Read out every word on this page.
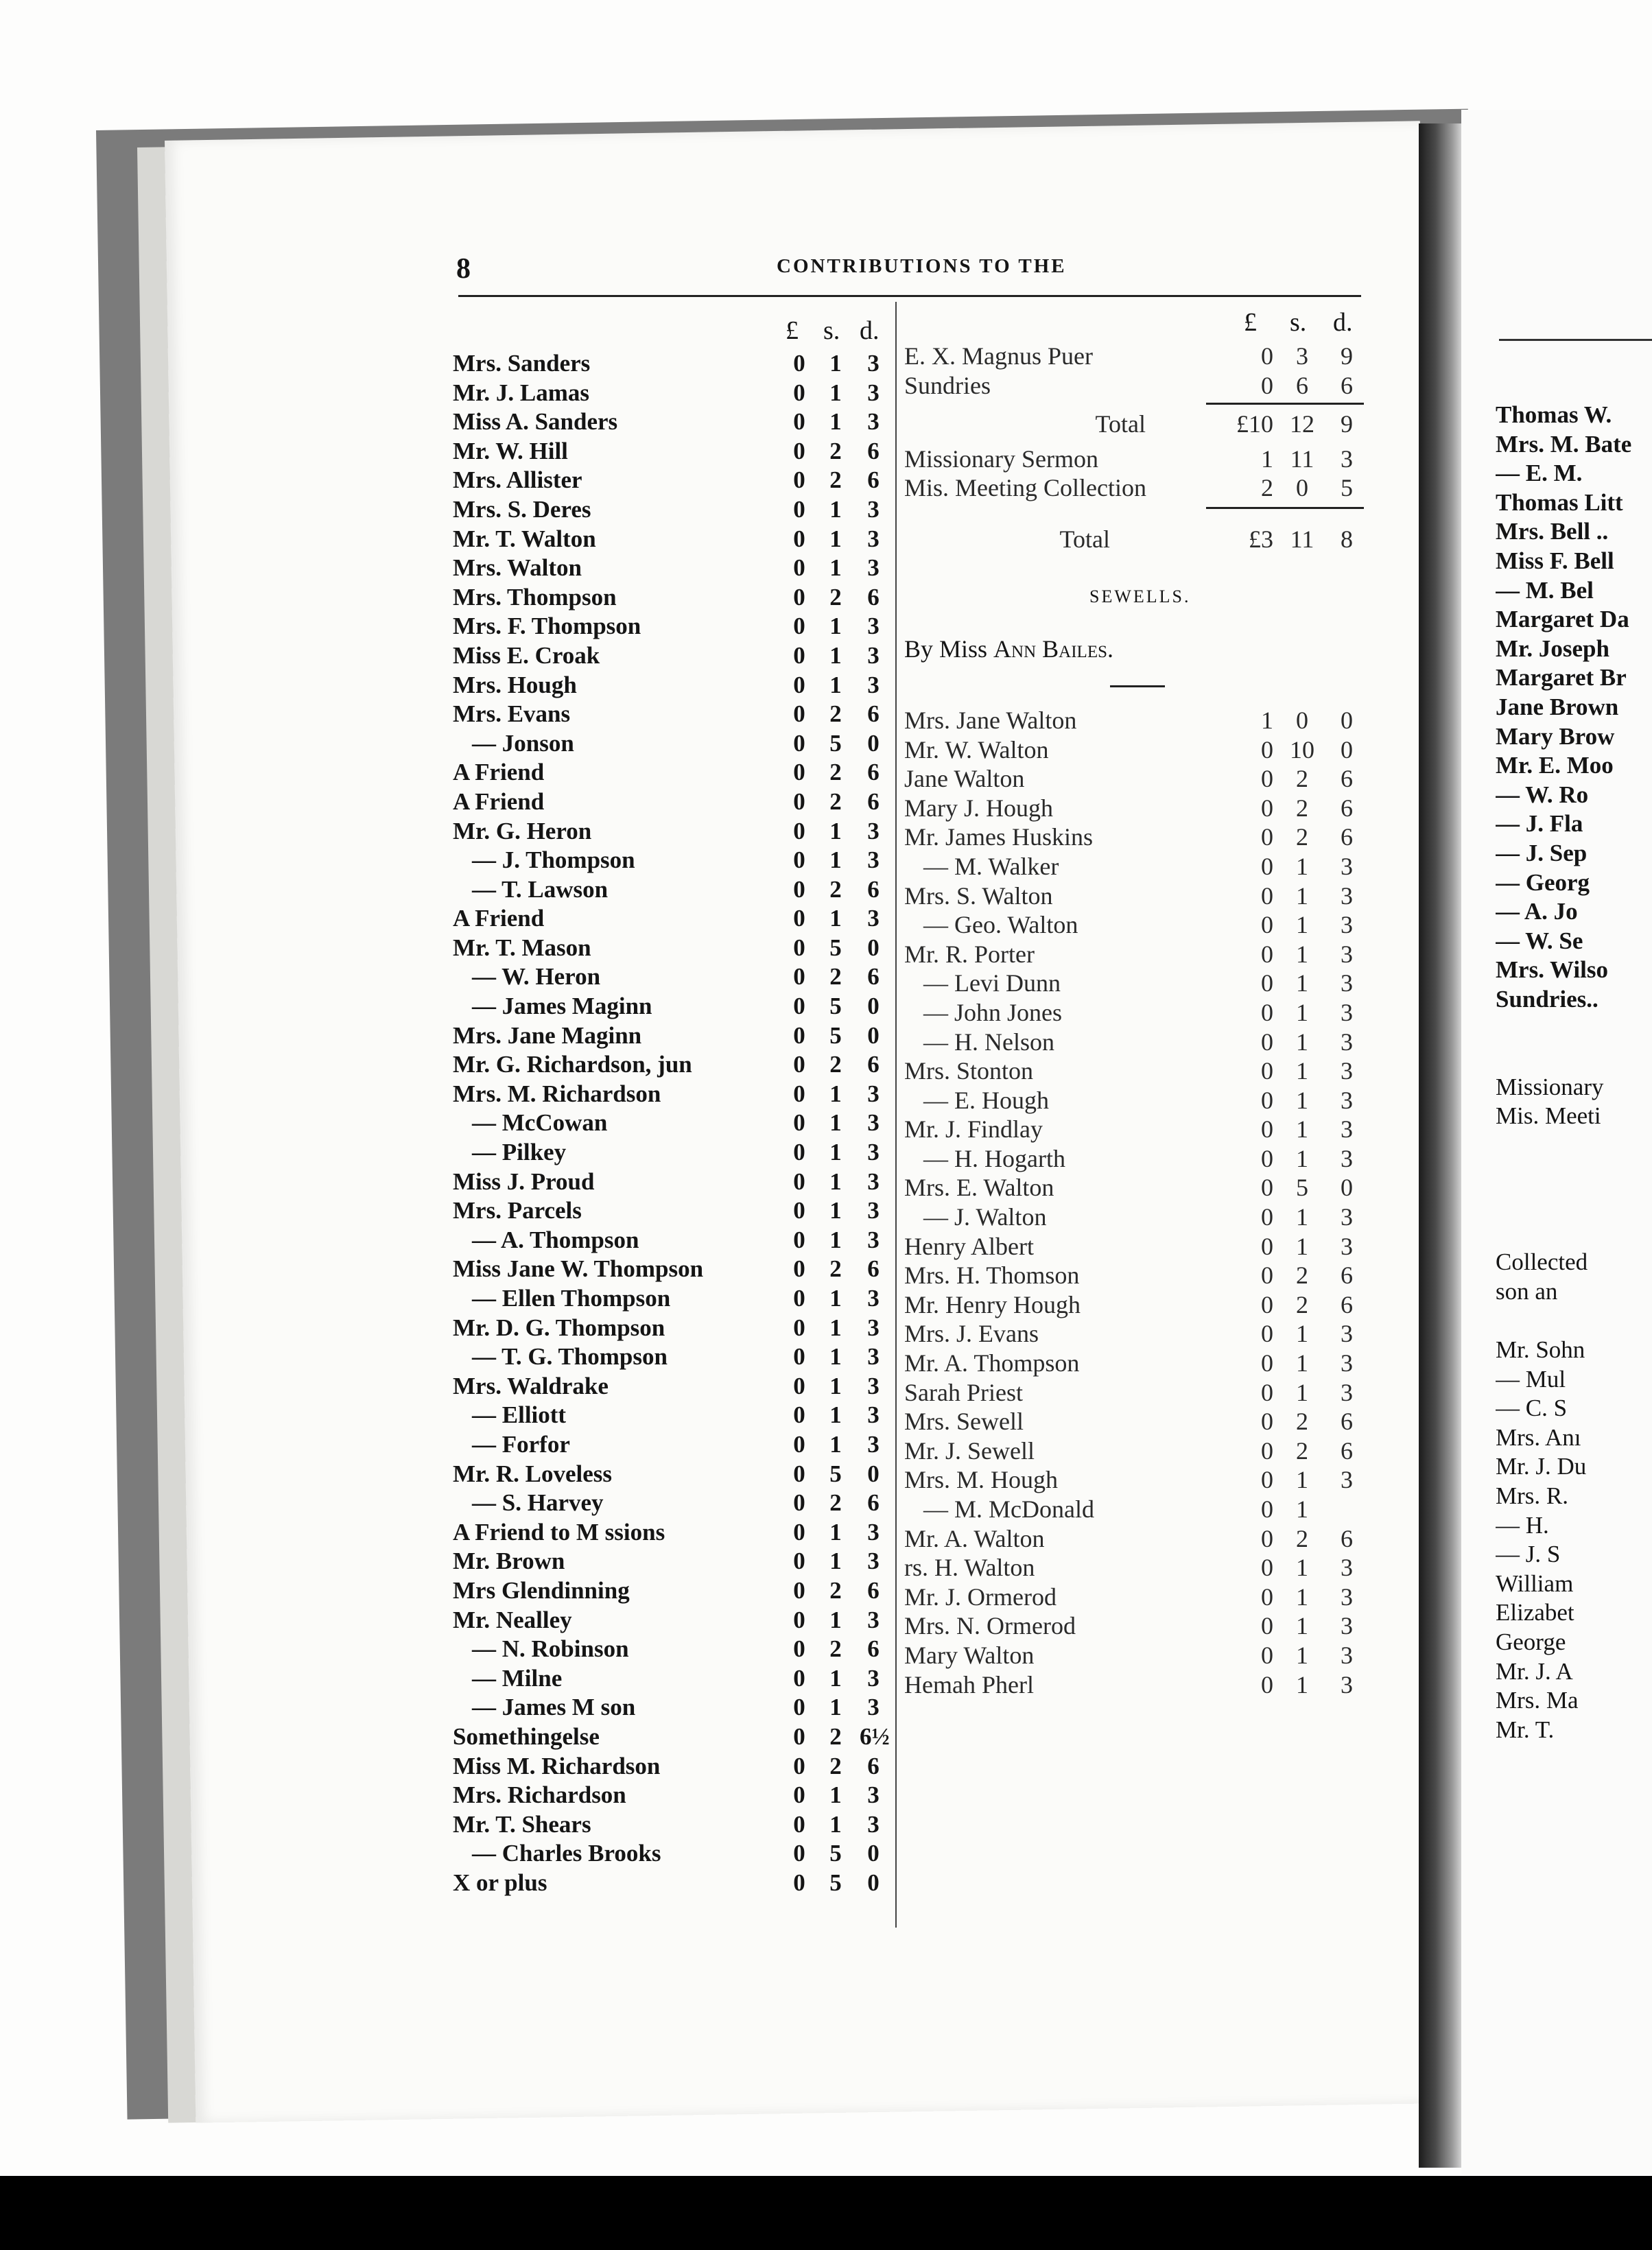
8	CONTRIBUTIONS TO THE
£ s. d.
Mrs. Sanders	0	1	3
Mr. J. Lamas	0	1	3
Miss A. Sanders	0	1	3
Mr. W. Hill	0	2	6
Mrs. Allister	0	2	6
Mrs. S. Deres	0	1	3
Mr. T. Walton	0	1	3
Mrs. Walton	0	1	3
Mrs. Thompson	0	2	6
Mrs. F. Thompson	0	1	3
Miss E. Croak	0	1	3
Mrs. Hough	0	1	3
Mrs. Evans	0	2	6
— Jonson	0	5	0
A Friend	0	2	6
A Friend	0	2	6
Mr. G. Heron	0	1	3
— J. Thompson	0	1	3
— T. Lawson	0	2	6
A Friend	0	1	3
Mr. T. Mason	0	5	0
— W. Heron	0	2	6
— James Maginn	0	5	0
Mrs. Jane Maginn	0	5	0
Mr. G. Richardson, jun	0	2	6
Mrs. M. Richardson	0	1	3
— McCowan	0	1	3
— Pilkey	0	1	3
Miss J. Proud	0	1	3
Mrs. Parcels	0	1	3
— A. Thompson	0	1	3
Miss Jane W. Thompson	0	2	6
— Ellen Thompson	0	1	3
Mr. D. G. Thompson	0	1	3
— T. G. Thompson	0	1	3
Mrs. Waldrake	0	1	3
— Elliott	0	1	3
— Forfor	0	1	3
Mr. R. Loveless	0	5	0
— S. Harvey	0	2	6
A Friend to M ssions	0	1	3
Mr. Brown	0	1	3
Mrs Glendinning	0	2	6
Mr. Nealley	0	1	3
— N. Robinson	0	2	6
— Milne	0	1	3
— James M son	0	1	3
Somethingelse	0	2 6½
Miss M. Richardson	0	2	6
Mrs. Richardson	0	1	3
Mr. T. Shears	0	1	3
— Charles Brooks	0	5	0
X or plus	0	5	0
£ s. d.
E. X. Magnus Puer	0 3	9
Sundries	0 6	6
Total	£10 12	9
Missionary Sermon	1 11	3
Mis. Meeting Collection	2 0	5
Total	£3 11	8
SEWELLS.
By Miss Ann Bailes.
Mrs. Jane Walton	1 0	0
Mr. W. Walton	0 10	0
Jane Walton	0 2	6
Mary J. Hough	0 2	6
Mr. James Huskins	0 2	6
— M. Walker	0 1	3
Mrs. S. Walton	0 1	3
— Geo. Walton	0 1	3
Mr. R. Porter	0 1	3
— Levi Dunn	0 1	3
— John Jones	0 1	3
— H. Nelson	0 1	3
Mrs. Stonton	0 1	3
— E. Hough	0 1	3
Mr. J. Findlay	0 1	3
— H. Hogarth	0 1	3
Mrs. E. Walton	0 5	0
— J. Walton	0 1	3
Henry Albert	0 1	3
Mrs. H. Thomson	0 2	6
Mr. Henry Hough	0 2	6
Mrs. J. Evans	0 1	3
Mr. A. Thompson	0 1	3
Sarah Priest	0 1	3
Mrs. Sewell	0 2	6
Mr. J. Sewell	0 2	6
Mrs. M. Hough	0 1	3
— M. McDonald	0 1
Mr. A. Walton	0 2	6
rs. H. Walton	0 1	3
Mr. J. Ormerod	0 1	3
Mrs. N. Ormerod	0 1	3
Mary Walton	0 1	3
Hemah Pherl	0 1	3
Thomas W.
Mrs. M. Bate
— E. M.
Thomas Litt
Mrs. Bell ..
Miss F. Bell
— M. Bel
Margaret Da
Mr. Joseph
Margaret Br
Jane Brown
Mary Brow
Mr. E. Moo
— W. Ro
— J. Fla
— J. Sep
— Georg
— A. Jo
— W. Se
Mrs. Wilso
Sundries..
Missionary
Mis. Meeti
Collected
son an
Mr. Sohn
— Mul
— C. S
Mrs. Anı
Mr. J. Du
Mrs. R.
— H.
— J. S
William
Elizabet
George
Mr. J. A
Mrs. Ma
Mr. T.
